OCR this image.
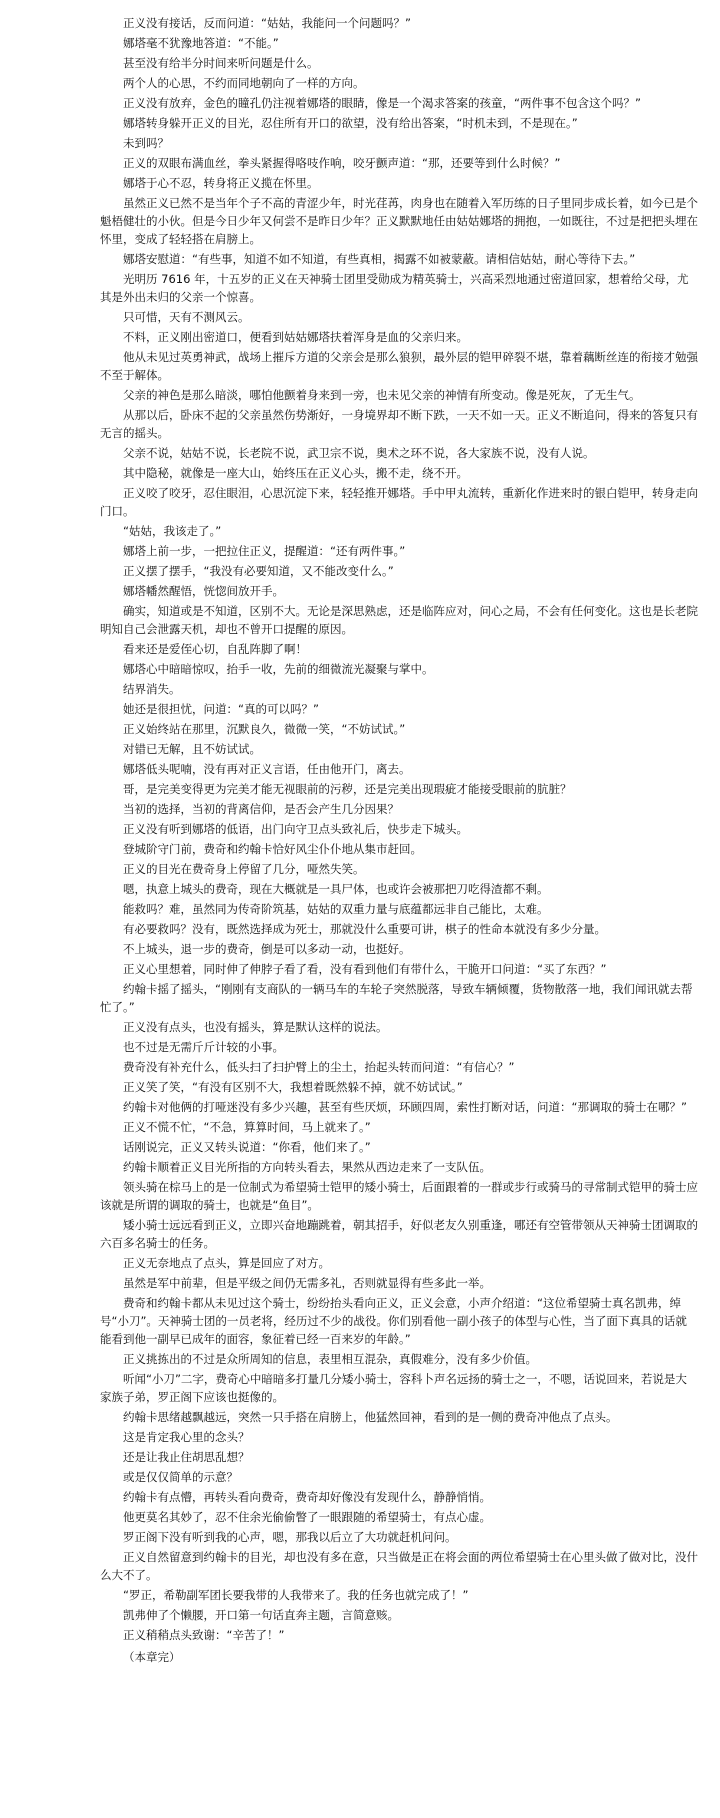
正义没有接话，反而问道：“姑姑，我能问一个问题吗？”

娜塔毫不犹豫地答道：“不能。”

甚至没有给半分时间来听问题是什么。

两个人的心思，不约而同地朝向了一样的方向。

正义没有放弃，金色的瞳孔仍注视着娜塔的眼睛，像是一个渴求答案的孩童，“两件事不包含这个吗？”

娜塔转身躲开正义的目光，忍住所有开口的欲望，没有给出答案，“时机未到，不是现在。”

未到吗？

正义的双眼布满血丝，拳头紧握得咯吱作响，咬牙颤声道：“那，还要等到什么时候？”

娜塔于心不忍，转身将正义揽在怀里。

虽然正义已然不是当年个子不高的青涩少年，时光荏苒，肉身也在随着入军历练的日子里同步成长着，如今已是个魁梧健壮的小伙。但是今日少年又何尝不是昨日少年？正义默默地任由姑姑娜塔的拥抱，一如既往，不过是把把头埋在怀里，变成了轻轻搭在肩膀上。

娜塔安慰道：“有些事，知道不如不知道，有些真相，揭露不如被蒙蔽。请相信姑姑，耐心等待下去。”

光明历 7616 年，十五岁的正义在天神骑士团里受勋成为精英骑士，兴高采烈地通过密道回家，想着给父母，尤其是外出未归的父亲一个惊喜。

只可惜，天有不测风云。

不料，正义刚出密道口，便看到姑姑娜塔扶着浑身是血的父亲归来。

他从未见过英勇神武，战场上摧斥方道的父亲会是那么狼狈，最外层的铠甲碎裂不堪，靠着藕断丝连的衔接才勉强不至于解体。

父亲的神色是那么暗淡，哪怕他颤着身来到一旁，也未见父亲的神情有所变动。像是死灰，了无生气。

从那以后，卧床不起的父亲虽然伤势渐好，一身境界却不断下跌，一天不如一天。正义不断追问，得来的答复只有无言的摇头。

父亲不说，姑姑不说，长老院不说，武卫宗不说，奥术之环不说，各大家族不说，没有人说。

其中隐秘，就像是一座大山，始终压在正义心头，搬不走，绕不开。

正义咬了咬牙，忍住眼泪，心思沉淀下来，轻轻推开娜塔。手中甲丸流转，重新化作进来时的银白铠甲，转身走向门口。

“姑姑，我该走了。”

娜塔上前一步，一把拉住正义，提醒道：“还有两件事。”

正义摆了摆手，“我没有必要知道，又不能改变什么。”

娜塔幡然醒悟，恍惚间放开手。

确实，知道或是不知道，区别不大。无论是深思熟虑，还是临阵应对，问心之局，不会有任何变化。这也是长老院明知自己会泄露天机，却也不曾开口提醒的原因。

看来还是爱侄心切，自乱阵脚了啊！

娜塔心中暗暗惊叹，抬手一收，先前的细微流光凝聚与掌中。

结界消失。

她还是很担忧，问道：“真的可以吗？”

正义始终站在那里，沉默良久，微微一笑，“不妨试试。”

对错已无解，且不妨试试。

娜塔低头呢喃，没有再对正义言语，任由他开门，离去。

哥，是完美变得更为完美才能无视眼前的污秽，还是完美出现瑕疵才能接受眼前的肮脏？

当初的选择，当初的背离信仰，是否会产生几分因果？

正义没有听到娜塔的低语，出门向守卫点头致礼后，快步走下城头。

登城阶守门前，费奇和约翰卡恰好风尘仆仆地从集市赶回。

正义的目光在费奇身上停留了几分，哑然失笑。

嗯，执意上城头的费奇，现在大概就是一具尸体，也或许会被那把刀吃得渣都不剩。

能救吗？难，虽然同为传奇阶筑基，姑姑的双重力量与底蕴都远非自己能比，太难。

有必要救吗？没有，既然选择成为死士，那就没什么重要可讲，棋子的性命本就没有多少分量。

不上城头，退一步的费奇，倒是可以多动一动，也挺好。

正义心里想着，同时伸了伸脖子看了看，没有看到他们有带什么，干脆开口问道：“买了东西？”

约翰卡摇了摇头，“刚刚有支商队的一辆马车的车轮子突然脱落，导致车辆倾覆，货物散落一地，我们闻讯就去帮忙了。”

正义没有点头，也没有摇头，算是默认这样的说法。

也不过是无需斤斤计较的小事。

费奇没有补充什么，低头扫了扫护臂上的尘土，抬起头转而问道：“有信心？”

正义笑了笑，“有没有区别不大，我想着既然躲不掉，就不妨试试。”

约翰卡对他俩的打哑迷没有多少兴趣，甚至有些厌烦，环顾四周，索性打断对话，问道：“那调取的骑士在哪？”

正义不慌不忙，“不急，算算时间，马上就来了。”

话刚说完，正义又转头说道：“你看，他们来了。”

约翰卡顺着正义目光所指的方向转头看去，果然从西边走来了一支队伍。

领头骑在棕马上的是一位制式为希望骑士铠甲的矮小骑士，后面跟着的一群或步行或骑马的寻常制式铠甲的骑士应该就是所谓的调取的骑士，也就是“鱼目”。

矮小骑士远远看到正义，立即兴奋地蹦跳着，朝其招手，好似老友久别重逢，哪还有空管带领从天神骑士团调取的六百多名骑士的任务。

正义无奈地点了点头，算是回应了对方。

虽然是军中前辈，但是平级之间仍无需多礼，否则就显得有些多此一举。

费奇和约翰卡都从未见过这个骑士，纷纷抬头看向正义，正义会意，小声介绍道：“这位希望骑士真名凯弗，绰号“小刀”。天神骑士团的一员老将，经历过不少的战役。你们别看他一副小孩子的体型与心性，当了面下真具的话就能看到他一副早已成年的面容，象征着已经一百来岁的年龄。”

正义挑拣出的不过是众所周知的信息，表里相互混杂，真假难分，没有多少价值。

听闻“小刀”二字，费奇心中暗暗多打量几分矮小骑士，容科卜声名远扬的骑士之一，不嗯，话说回来，若说是大家族子弟，罗正阁下应该也挺像的。

约翰卡思绪越飘越远，突然一只手搭在肩膀上，他猛然回神，看到的是一侧的费奇冲他点了点头。

这是肯定我心里的念头？

还是让我止住胡思乱想？

或是仅仅简单的示意？

约翰卡有点懵，再转头看向费奇，费奇却好像没有发现什么，静静悄悄。

他更莫名其妙了，忍不住余光偷偷瞥了一眼跟随的希望骑士，有点心虚。

罗正阁下没有听到我的心声，嗯，那我以后立了大功就赶机问问。

正义自然留意到约翰卡的目光，却也没有多在意，只当做是正在将会面的两位希望骑士在心里头做了做对比，没什么大不了。

“罗正，希勒副军团长要我带的人我带来了。我的任务也就完成了！”

凯弗伸了个懒腰，开口第一句话直奔主题，言简意赅。

正义稍稍点头致谢：“辛苦了！”

（本章完）
